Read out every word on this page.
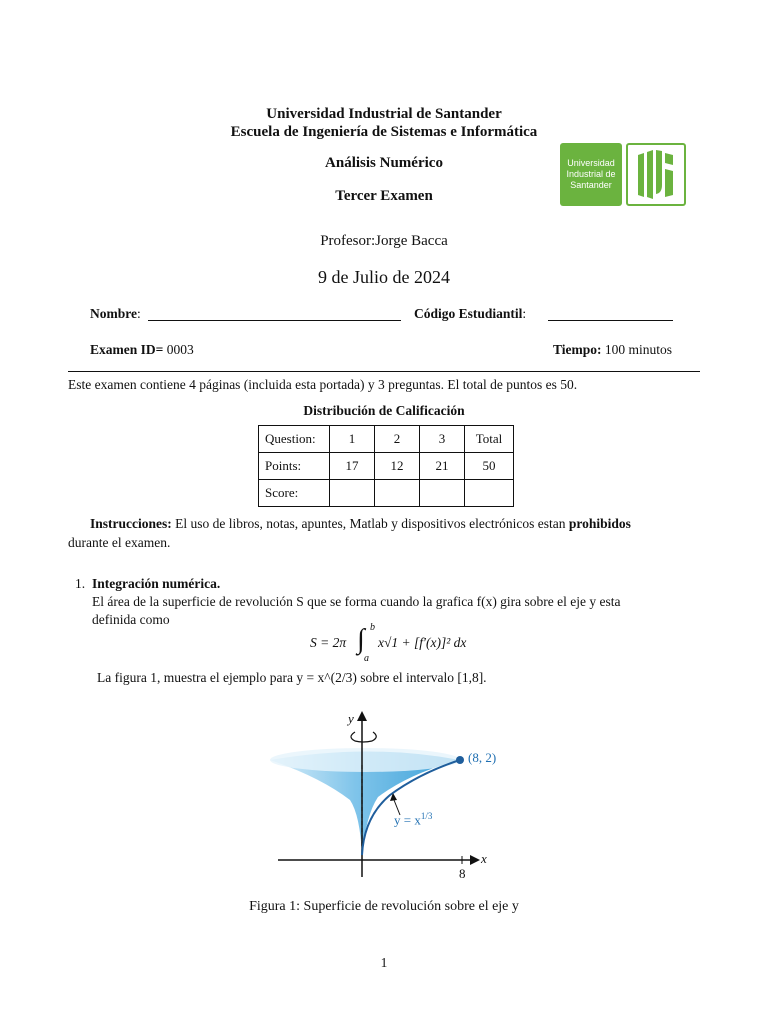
Universidad Industrial de Santander
Escuela de Ingeniería de Sistemas e Informática
Análisis Numérico
Tercer Examen
Profesor:Jorge Bacca
9 de Julio de 2024
Universidad
Industrial de
Santander
Nombre:	Código Estudiantil:
Examen ID= 0003	Tiempo: 100 minutos
Este examen contiene 4 páginas (incluida esta portada) y 3 preguntas. El total de puntos es 50.
Distribución de Calificación
Question:	1	2	3	Total
Points:	17	12	21	50
Score:				
Instrucciones: El uso de libros, notas, apuntes, Matlab y dispositivos electrónicos estan prohibidos
durante el examen.
1. Integración numérica.
El área de la superficie de revolución S que se forma cuando la grafica f(x) gira sobre el eje y esta
definida como
S = 2π ∫ b
a
x√1 + [f′(x)]² dx
La figura 1, muestra el ejemplo para y = x^(2/3) sobre el intervalo [1,8].
y
x
8
(8, 2)
$y = x^{1/3}$
Figura 1: Superficie de revolución sobre el eje y
1
